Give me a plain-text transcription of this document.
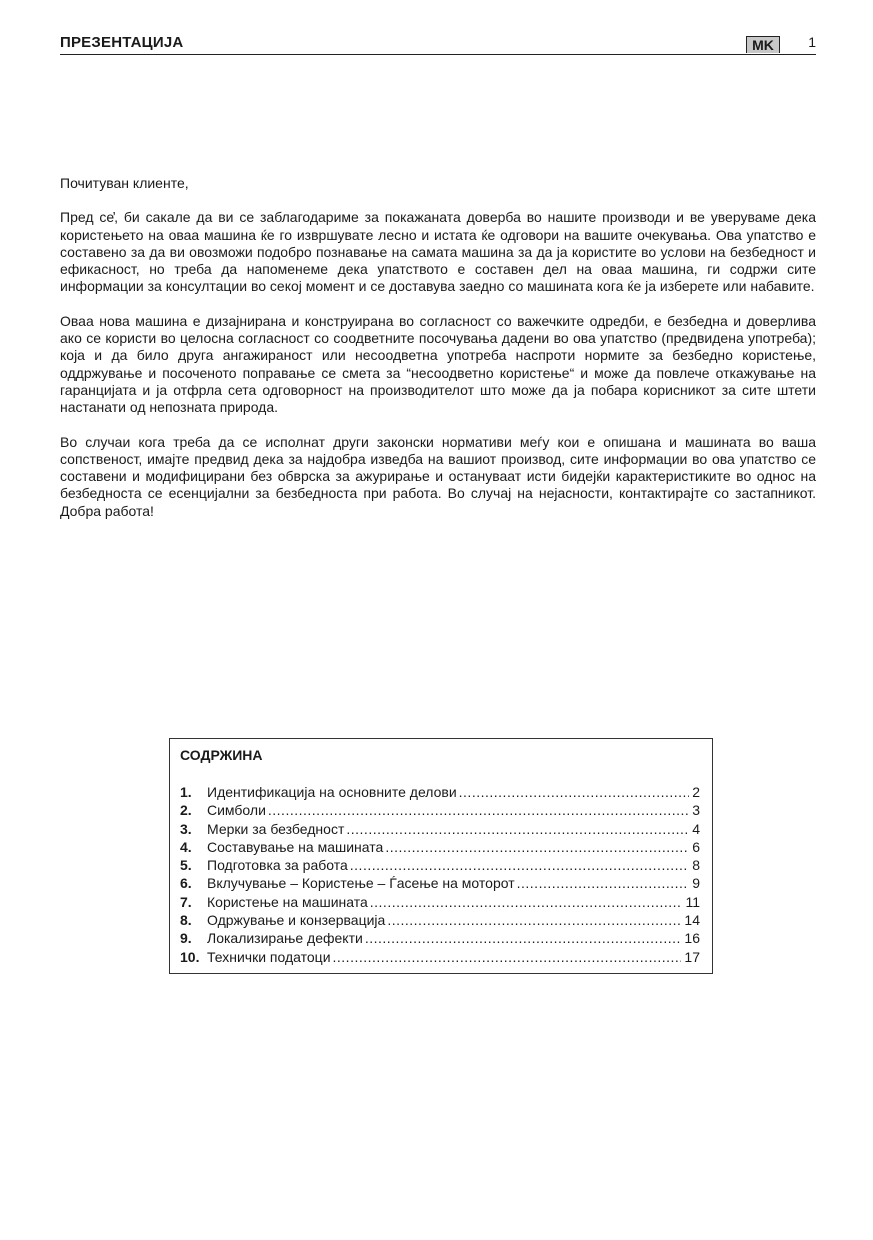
ПРЕЗЕНТАЦИЈА	MK	1

Почитуван клиенте,

Пред се̓, би сакале да ви се заблагодариме за покажаната доверба во нашите производи и ве уверуваме дека користењето на оваа машина ќе го извршувате лесно и истата ќе одговори на вашите очекувања. Ова упатство е составено за да ви овозможи подобро познавање на самата машина за да ја користите во услови на безбедност и ефикасност, но треба да напоменеме дека упатството е составен дел на оваа машина, ги содржи сите информации за консултации во секој момент и се доставува заедно со машината кога ќе ја изберете или набавите.

Оваа нова машина е дизајнирана и конструирана во согласност со важечките одредби, е безбедна и доверлива ако се користи во целосна согласност со соодветните посочувања дадени во ова упатство (предвидена употреба); која и да било друга ангажираност или несоодветна употреба наспроти нормите за безбедно користење, оддржување и посоченото поправање се смета за “несоодветно користење“ и може да повлече откажување на гаранцијата и ја отфрла сета одговорност на производителот што може да ја побара корисникот за сите штети настанати од непозната природа.

Во случаи кога треба да се исполнат други законски нормативи меѓу кои е опишана и машината во ваша сопственост, имајте предвид дека за најдобра изведба на вашиот производ, сите информации во ова упатство се составени и модифицирани без обврска за ажурирање и остануваат исти бидејќи карактеристиките во однос на безбедноста се есенцијални за безбедноста при работа. Во случај на нејасности, контактирајте со застапникот. Добра работа!

СОДРЖИНА
1.	Идентификација на основните делови .....	2
2.	Симболи .....	3
3.	Мерки за безбедност .....	4
4.	Составување на машината .....	6
5.	Подготовка за работа .....	8
6.	Вклучување – Користење – Ѓасење на моторот .....	9
7.	Користење на машината .....	11
8.	Одржување и конзервација .....	14
9.	Локализирање дефекти .....	16
10. Технички податоци .....	17
